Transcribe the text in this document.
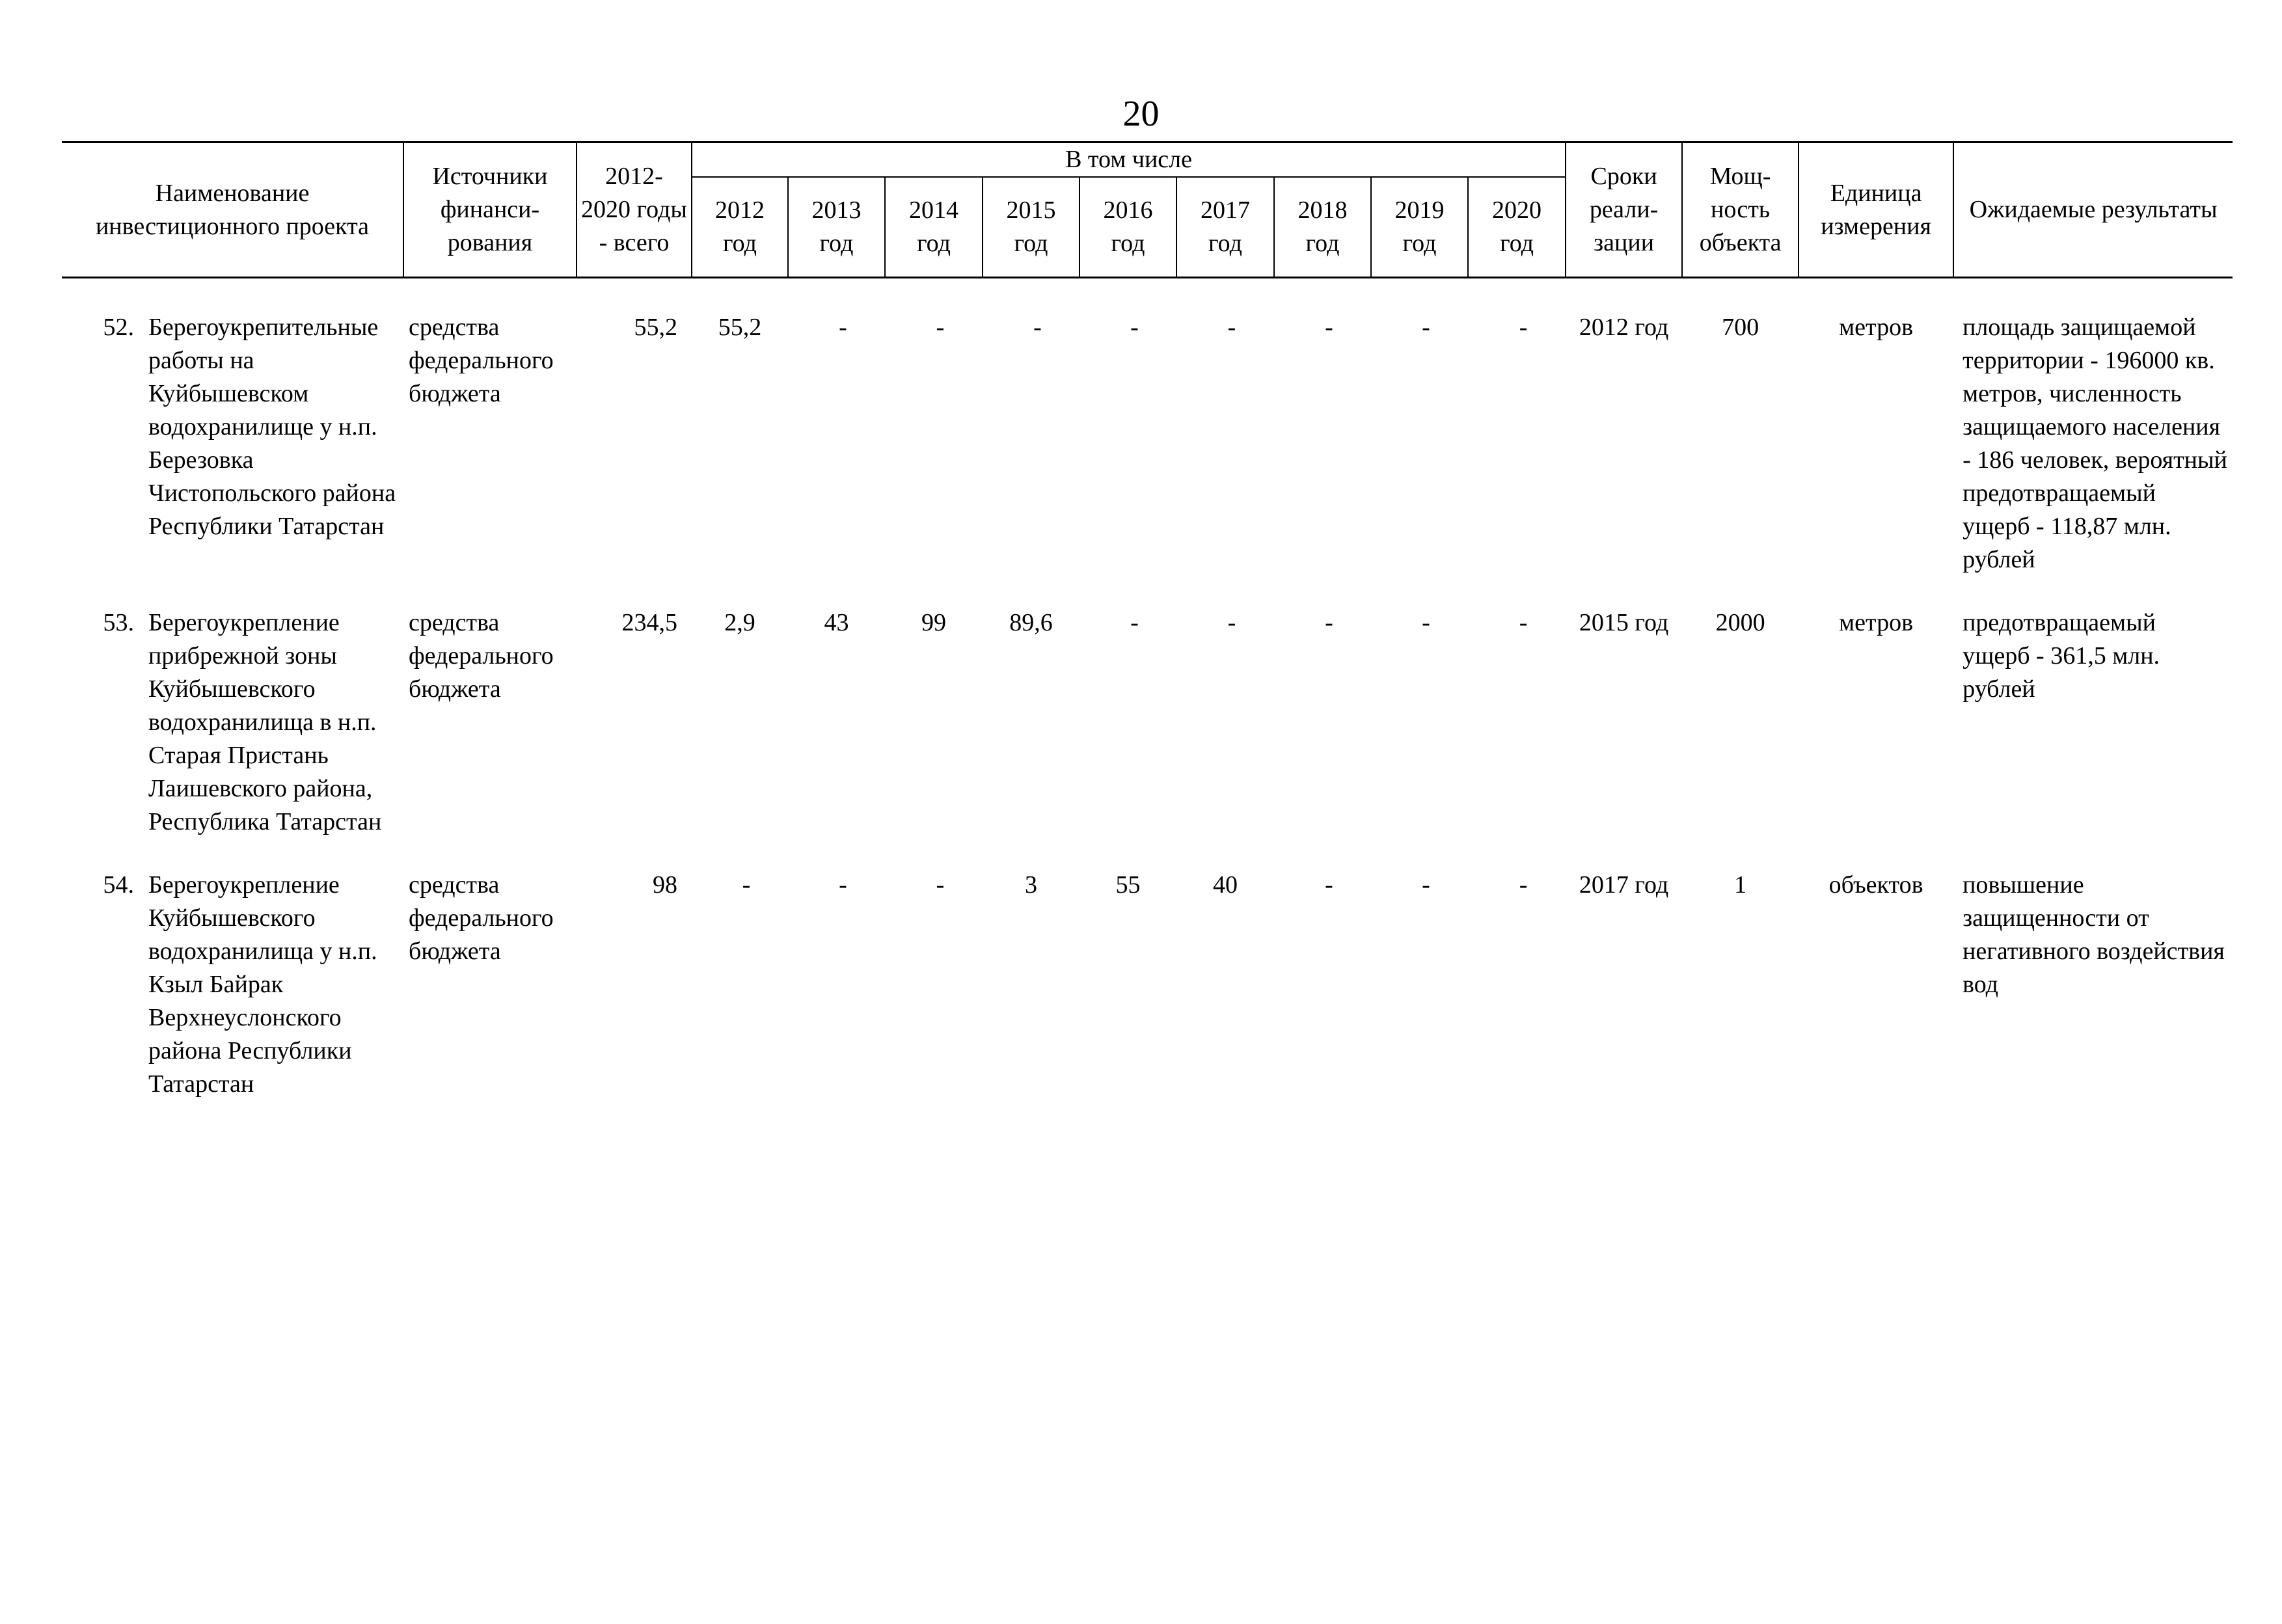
20
Наименование инвестиционного проекта		Источники финанси-рования	2012-2020 годы - всего	В том числе									Сроки реали-зации	Мощ-ность объекта	Единица измерения	Ожидаемые результаты
				2012 год	2013 год	2014 год	2015 год	2016 год	2017 год	2018 год	2019 год	2020 год				
52.	Берегоукрепительные работы на Куйбышевском водохранилище у н.п. Березовка Чистопольского района Республики Татарстан	средства федерального бюджета	55,2	55,2	-	-	-	-	-	-	-	-	2012 год	700	метров	площадь защищаемой территории - 196000 кв. метров, численность защищаемого населения - 186 человек, вероятный предотвращаемый ущерб - 118,87 млн. рублей
53.	Берегоукрепление прибрежной зоны Куйбышевского водохранилища в н.п. Старая Пристань Лаишевского района, Республика Татарстан	средства федерального бюджета	234,5	2,9	43	99	89,6	-	-	-	-	-	2015 год	2000	метров	предотвращаемый ущерб - 361,5 млн. рублей
54.	Берегоукрепление Куйбышевского водохранилища у н.п. Кзыл Байрак Верхнеуслонского района Республики Татарстан	средства федерального бюджета	98	-	-	-	3	55	40	-	-	-	2017 год	1	объектов	повышение защищенности от негативного воздействия вод
